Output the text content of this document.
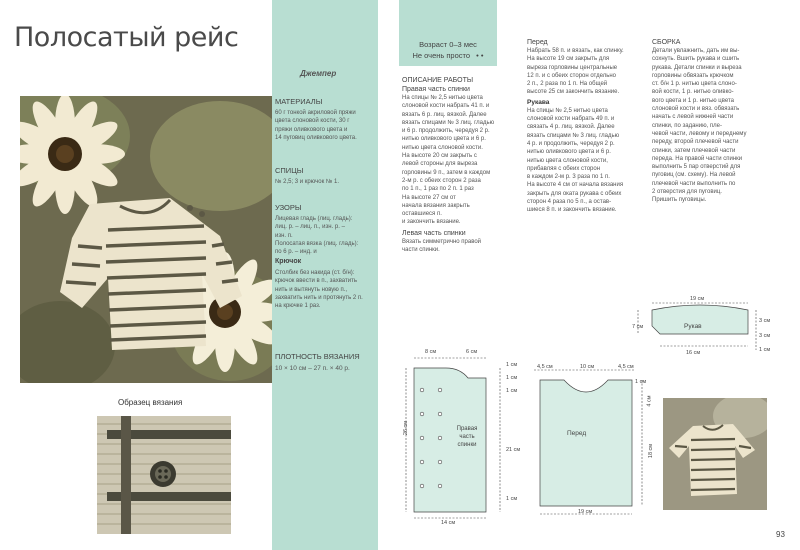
Полосатый рейс
Образец вязания
Джемпер
МАТЕРИАЛЫ
60 г тонкой акриловой пряжи
цвета слоновой кости, 30 г
пряжи оливкового цвета и
14 пуговиц оливкового цвета.
СПИЦЫ
№ 2,5; 3 и крючок № 1.
УЗОРЫ
Лицевая гладь (лиц. гладь):
лиц. р. – лиц. п., изн. р. –
изн. п.
Полосатая вязка (лиц. гладь):
по 6 р. – инд. и
Крючок
Столбик без накида (ст. б/н):
крючок ввести в п., захватить
нить и вытянуть новую п.,
захватить нить и протянуть 2 п.
на крючке 1 раз.
ПЛОТНОСТЬ ВЯЗАНИЯ
10 × 10 см – 27 п. × 40 р.
Возраст 0–3 мес
Не очень просто • •
ОПИСАНИЕ РАБОТЫ
Правая часть спинки
На спицы № 2,5 нитью цвета
слоновой кости набрать 41 п. и
вязать 6 р. лиц. вязкой. Далее
вязать спицами № 3 лиц. гладью
и 6 р. продолжить, чередуя 2 р.
нитью оливкового цвета и 6 р.
нитью цвета слоновой кости.
На высоте 20 см закрыть с
левой стороны для выреза
горловины 9 п., затем в каждом
2-м р. с обеих сторон 2 раза
по 1 п., 1 раз по 2 п. 1 раз
На высоте 27 см от
начала вязания закрыть
оставшиеся п.
и закончить вязание.
Левая часть спинки
Вязать симметрично правой
части спинки.
Перед
Набрать 58 п. и вязать, как спинку.
На высоте 19 см закрыть для
выреза горловины центральные
12 п. и с обеих сторон отдельно
2 п., 2 раза по 1 п. На общей
высоте 25 см закончить вязание.
Рукава
На спицы № 2,5 нитью цвета
слоновой кости набрать 49 п. и
связать 4 р. лиц. вязкой. Далее
вязать спицами № 3 лиц. гладью
4 р. и продолжить, чередуя 2 р.
нитью оливкового цвета и 6 р.
нитью цвета слоновой кости,
прибавляя с обеих сторон
в каждом 2-м р. 3 раза по 1 п.
На высоте 4 см от начала вязания
закрыть для окатa рукава с обеих
сторон 4 раза по 5 п., а остав-
шиеся 8 п. и закончить вязание.
СБОРКА
Детали увлажнить, дать им вы-
сохнуть. Вшить рукава и сшить
рукава. Детали спинки и выреза
горловины обвязать крючком
ст. б/н 1 р. нитью цвета слоно-
вой кости, 1 р. нитью оливко-
вого цвета и 1 р. нитью цвета
слоновой кости и вяз. обвязать
начать с левой нижней части
спинки, по заданию, пле-
чевой части, левому и переднему
переду, второй плечевой части
спинки, затем плечевой части
переда. На правой части спинки
выполнить 5 пар отверстий для
пуговиц (см. схему). На левой
плечевой части выполнить по
2 отверстия для пуговиц.
Пришить пуговицы.
19 см
Рукав
16 см
7 см
3 см
3 см
1 см
8 см	6 см
1 см
1 см
1 см
21 см
1 см
26 см
14 см
Правая часть спинки
4,5 см	10 см	4,5 см
1 см
4 см
18 см
Перед
19 см
93
